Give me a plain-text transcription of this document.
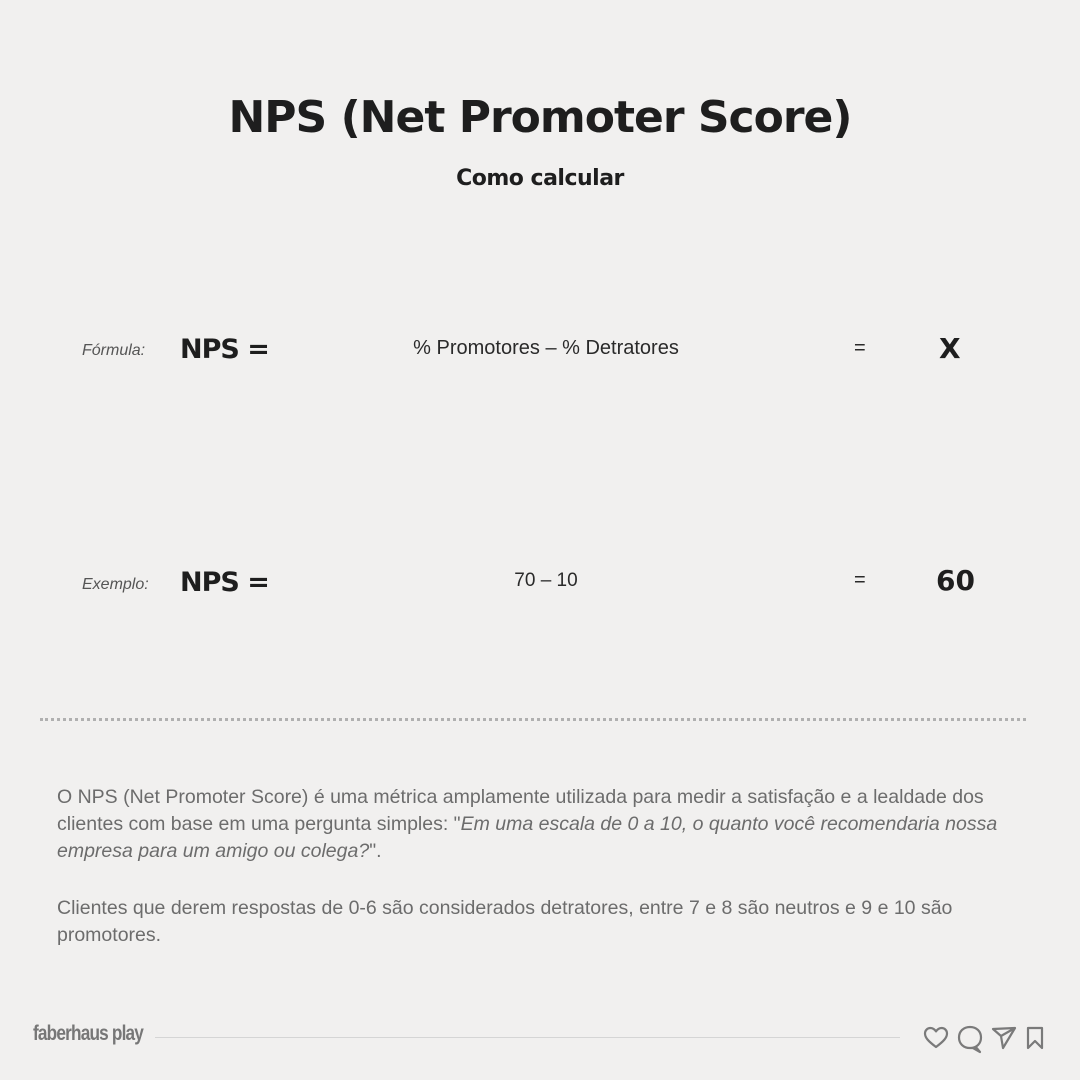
NPS (Net Promoter Score)
Como calcular
Fórmula: NPS =	% Promotores – % Detratores	=	X
Exemplo: NPS =	70 – 10	=	60
O NPS (Net Promoter Score) é uma métrica amplamente utilizada para medir a satisfação e a lealdade dos clientes com base em uma pergunta simples: "Em uma escala de 0 a 10, o quanto você recomendaria nossa empresa para um amigo ou colega?".
Clientes que derem respostas de 0-6 são considerados detratores, entre 7 e 8 são neutros e 9 e 10 são promotores.
faberhaus play
